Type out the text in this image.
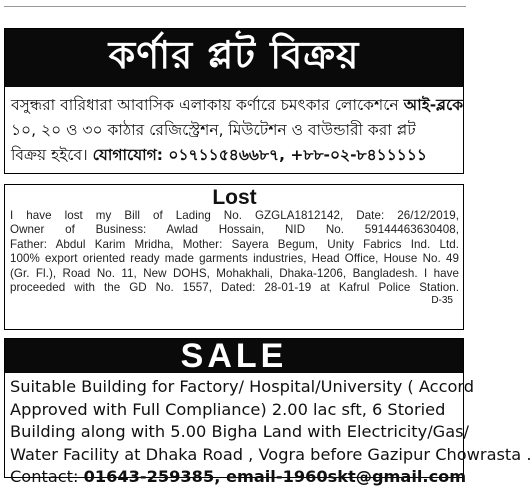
কর্ণার প্লট বিক্রয়
বসুন্ধরা বারিধারা আবাসিক এলাকায় কর্ণারে চমৎকার লোকেশনে আই-ব্লকে
১০, ২০ ও ৩০ কাঠার রেজিস্ট্রেশন, মিউটেশন ও বাউন্ডারী করা প্লট
বিক্রয় হইবে। যোগাযোগ: ০১৭১১৫৪৬৬৮৭, +৮৮-০২-৮৪১১১১১
Lost
I have lost my Bill of Lading No. GZGLA1812142, Date: 26/12/2019,
Owner of Business: Awlad Hossain, NID No. 59144463630408,
Father: Abdul Karim Mridha, Mother: Sayera Begum, Unity Fabrics Ind. Ltd.
100% export oriented ready made garments industries, Head Office, House No. 49
(Gr. Fl.), Road No. 11, New DOHS, Mohakhali, Dhaka-1206, Bangladesh. I have
proceeded with the GD No. 1557, Dated: 28-01-19 at Kafrul Police Station.
D-35
SALE
Suitable Building for Factory/ Hospital/University ( Accord
Approved with Full Compliance) 2.00 lac sft, 6 Storied
Building along with 5.00 Bigha Land with Electricity/Gas/
Water Facility at Dhaka Road , Vogra before Gazipur Chowrasta .
Contact: 01643-259385, email-1960skt@gmail.com
